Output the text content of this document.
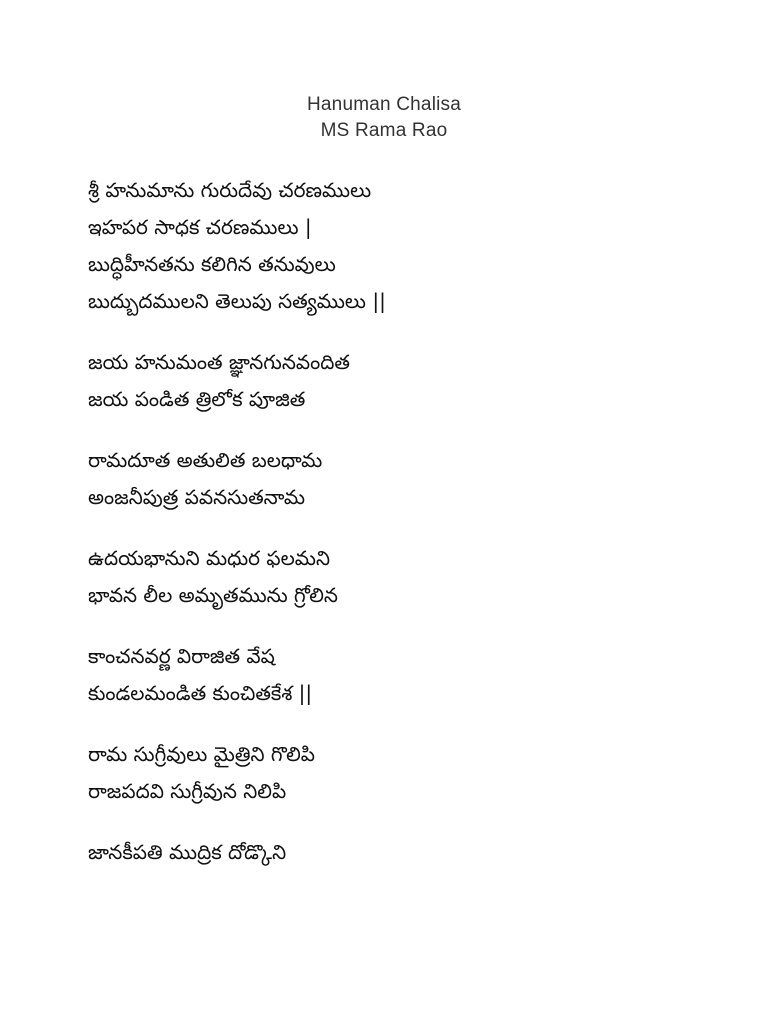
Hanuman Chalisa
MS Rama Rao
శ్రీ హనుమాను గురుదేవు చరణములు
ఇహపర సాధక చరణములు |
బుద్ధిహీనతను కలిగిన తనువులు
బుద్బుదములని తెలుపు సత్యములు ||
జయ హనుమంత జ్ఞానగునవందిత
జయ పండిత త్రిలోక పూజిత
రామదూత అతులిత బలధామ
అంజనీపుత్ర పవనసుతనామ
ఉదయభానుని మధుర ఫలమని
భావన లీల అమృతమును గ్రోలిన
కాంచనవర్ణ విరాజిత వేష
కుండలమండిత కుంచితకేశ ||
రామ సుగ్రీవులు మైత్రిని గొలిపి
రాజపదవి సుగ్రీవున నిలిపి
జానకీపతి ముద్రిక దోడ్కొని
